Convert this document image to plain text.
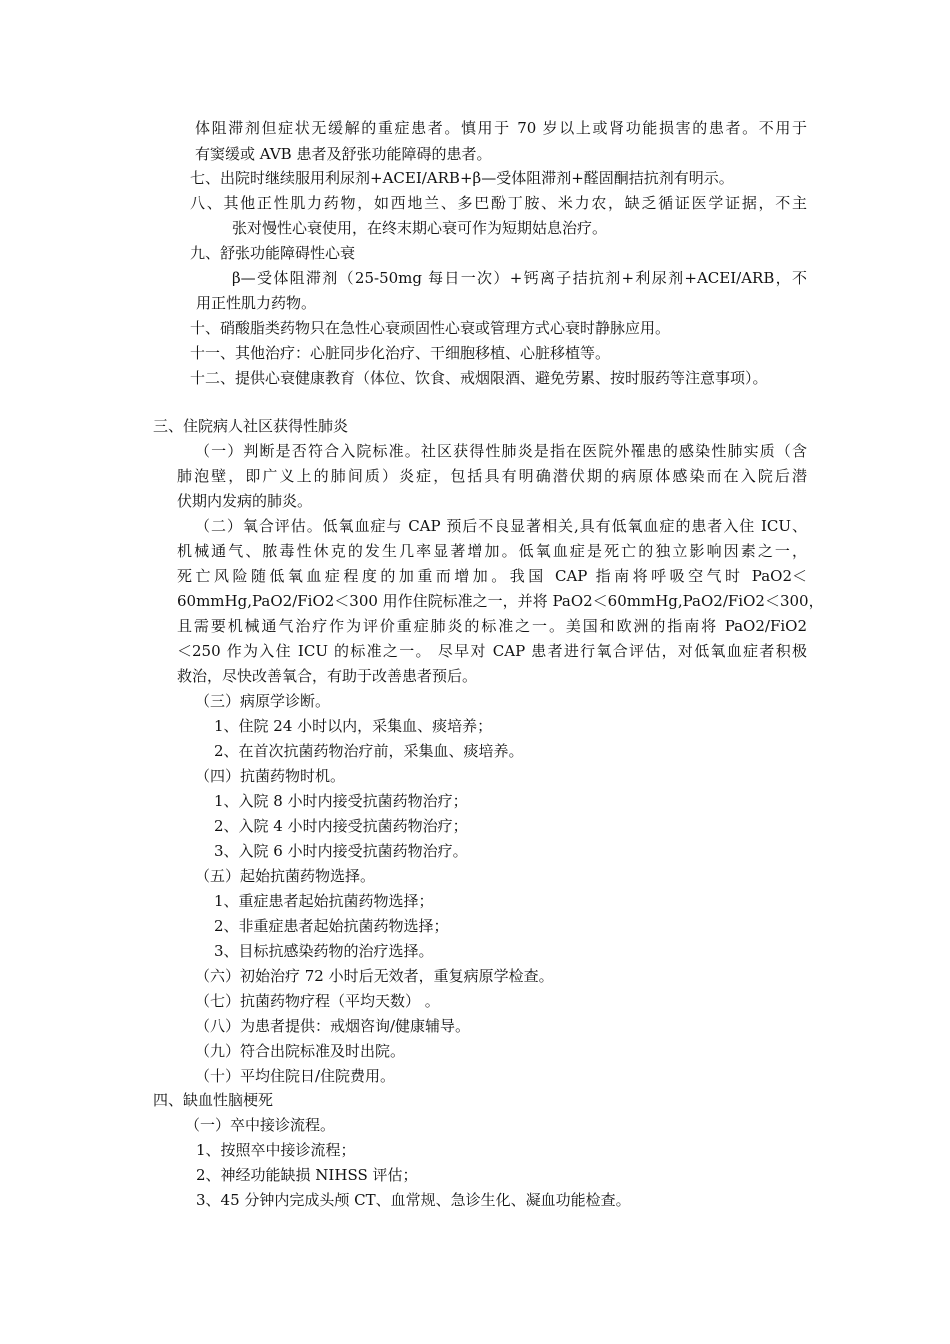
体阻滞剂但症状无缓解的重症患者。慎用于 70 岁以上或肾功能损害的患者。不用于
有窦缓或 AVB 患者及舒张功能障碍的患者。
七、出院时继续服用利尿剂+ACEI/ARB+β—受体阻滞剂+醛固酮拮抗剂有明示。
八、其他正性肌力药物，如西地兰、多巴酚丁胺、米力农，缺乏循证医学证据，不主
张对慢性心衰使用，在终末期心衰可作为短期姑息治疗。
九、舒张功能障碍性心衰
β—受体阻滞剂（25-50mg 每日一次）+钙离子拮抗剂+利尿剂+ACEI/ARB，不
用正性肌力药物。
十、硝酸脂类药物只在急性心衰顽固性心衰或管理方式心衰时静脉应用。
十一、其他治疗：心脏同步化治疗、干细胞移植、心脏移植等。
十二、提供心衰健康教育（体位、饮食、戒烟限酒、避免劳累、按时服药等注意事项）。
三、住院病人社区获得性肺炎
（一）判断是否符合入院标准。社区获得性肺炎是指在医院外罹患的感染性肺实质（含
肺泡壁，即广义上的肺间质）炎症，包括具有明确潜伏期的病原体感染而在入院后潜
伏期内发病的肺炎。
（二）氧合评估。低氧血症与 CAP 预后不良显著相关,具有低氧血症的患者入住 ICU、
机械通气、脓毒性休克的发生几率显著增加。低氧血症是死亡的独立影响因素之一，
死亡风险随低氧血症程度的加重而增加。我国 CAP 指南将呼吸空气时 PaO2＜
60mmHg,PaO2/FiO2＜300 用作住院标准之一，并将 PaO2＜60mmHg,PaO2/FiO2＜300，
且需要机械通气治疗作为评价重症肺炎的标准之一。美国和欧洲的指南将 PaO2/FiO2
＜250 作为入住 ICU 的标准之一。 尽早对 CAP 患者进行氧合评估，对低氧血症者积极
救治，尽快改善氧合，有助于改善患者预后。
（三）病原学诊断。
1、住院 24 小时以内，采集血、痰培养；
2、在首次抗菌药物治疗前，采集血、痰培养。
（四）抗菌药物时机。
1、入院 8 小时内接受抗菌药物治疗；
2、入院 4 小时内接受抗菌药物治疗；
3、入院 6 小时内接受抗菌药物治疗。
（五）起始抗菌药物选择。
1、重症患者起始抗菌药物选择；
2、非重症患者起始抗菌药物选择；
3、目标抗感染药物的治疗选择。
（六）初始治疗 72 小时后无效者，重复病原学检查。
（七）抗菌药物疗程（平均天数） 。
（八）为患者提供：戒烟咨询/健康辅导。
（九）符合出院标准及时出院。
（十）平均住院日/住院费用。
四、缺血性脑梗死
（一）卒中接诊流程。
1、按照卒中接诊流程；
2、神经功能缺损 NIHSS 评估；
3、45 分钟内完成头颅 CT、血常规、急诊生化、凝血功能检查。
